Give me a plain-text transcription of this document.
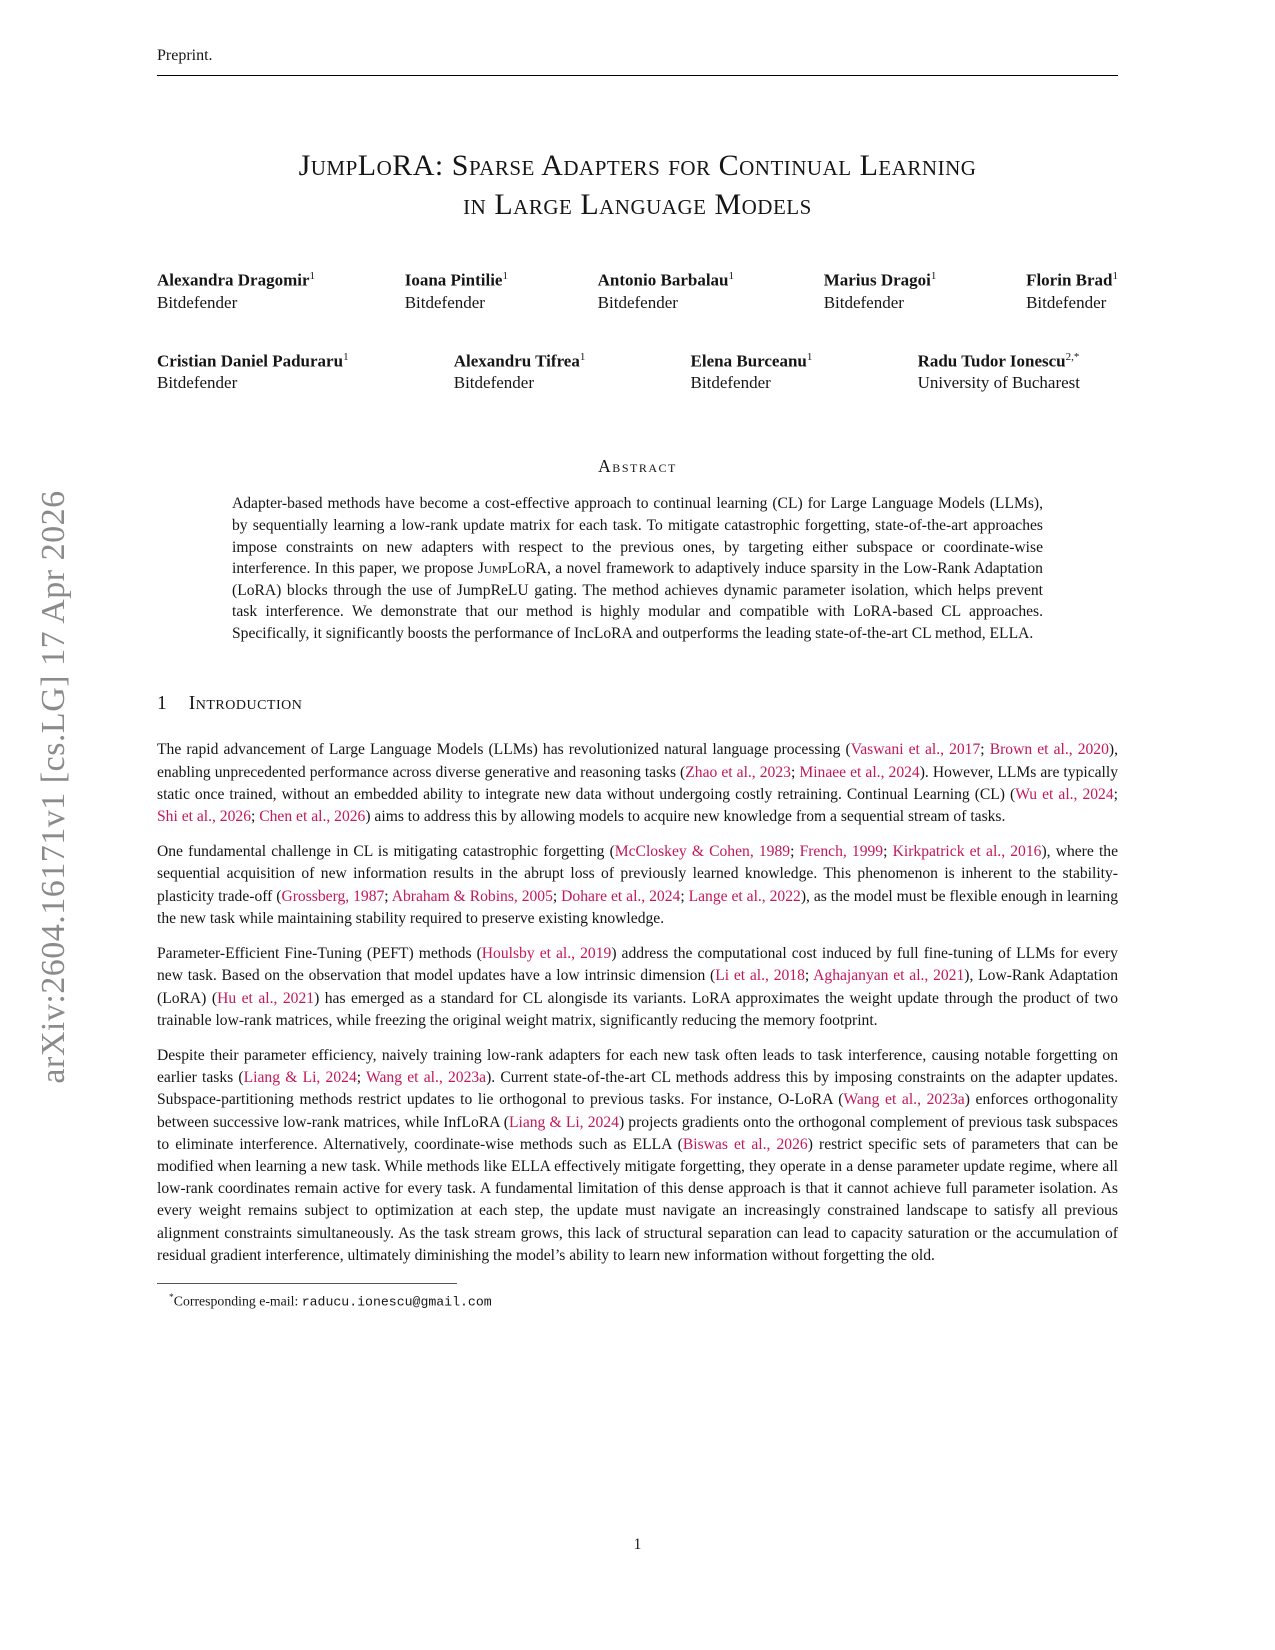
arXiv:2604.16171v1 [cs.LG] 17 Apr 2026
Preprint.
JumpLoRA: Sparse Adapters for Continual Learning
in Large Language Models
Alexandra Dragomir$^1$
Bitdefender
Ioana Pintilie$^1$
Bitdefender
Antonio Barbalau$^1$
Bitdefender
Marius Dragoi$^1$
Bitdefender
Florin Brad$^1$
Bitdefender
Cristian Daniel Paduraru$^1$
Bitdefender
Alexandru Tifrea$^1$
Bitdefender
Elena Burceanu$^1$
Bitdefender
Radu Tudor Ionescu$^{2,*}$
University of Bucharest
Abstract
Adapter-based methods have become a cost-effective approach to continual learning (CL) for Large Language Models (LLMs), by sequentially learning a low-rank update matrix for each task. To mitigate catastrophic forgetting, state-of-the-art approaches impose constraints on new adapters with respect to the previous ones, by targeting either subspace or coordinate-wise interference. In this paper, we propose JumpLoRA, a novel framework to adaptively induce sparsity in the Low-Rank Adaptation (LoRA) blocks through the use of JumpReLU gating. The method achieves dynamic parameter isolation, which helps prevent task interference. We demonstrate that our method is highly modular and compatible with LoRA-based CL approaches. Specifically, it significantly boosts the performance of IncLoRA and outperforms the leading state-of-the-art CL method, ELLA.
1 Introduction

The rapid advancement of Large Language Models (LLMs) has revolutionized natural language processing (Vaswani et al., 2017; Brown et al., 2020), enabling unprecedented performance across diverse generative and reasoning tasks (Zhao et al., 2023; Minaee et al., 2024). However, LLMs are typically static once trained, without an embedded ability to integrate new data without undergoing costly retraining. Continual Learning (CL) (Wu et al., 2024; Shi et al., 2026; Chen et al., 2026) aims to address this by allowing models to acquire new knowledge from a sequential stream of tasks.

One fundamental challenge in CL is mitigating catastrophic forgetting (McCloskey & Cohen, 1989; French, 1999; Kirkpatrick et al., 2016), where the sequential acquisition of new information results in the abrupt loss of previously learned knowledge. This phenomenon is inherent to the stability-plasticity trade-off (Grossberg, 1987; Abraham & Robins, 2005; Dohare et al., 2024; Lange et al., 2022), as the model must be flexible enough in learning the new task while maintaining stability required to preserve existing knowledge.

Parameter-Efficient Fine-Tuning (PEFT) methods (Houlsby et al., 2019) address the computational cost induced by full fine-tuning of LLMs for every new task. Based on the observation that model updates have a low intrinsic dimension (Li et al., 2018; Aghajanyan et al., 2021), Low-Rank Adaptation (LoRA) (Hu et al., 2021) has emerged as a standard for CL alongisde its variants. LoRA approximates the weight update through the product of two trainable low-rank matrices, while freezing the original weight matrix, significantly reducing the memory footprint.

Despite their parameter efficiency, naively training low-rank adapters for each new task often leads to task interference, causing notable forgetting on earlier tasks (Liang & Li, 2024; Wang et al., 2023a). Current state-of-the-art CL methods address this by imposing constraints on the adapter updates. Subspace-partitioning methods restrict updates to lie orthogonal to previous tasks. For instance, O-LoRA (Wang et al., 2023a) enforces orthogonality between successive low-rank matrices, while InfLoRA (Liang & Li, 2024) projects gradients onto the orthogonal complement of previous task subspaces to eliminate interference. Alternatively, coordinate-wise methods such as ELLA (Biswas et al., 2026) restrict specific sets of parameters that can be modified when learning a new task. While methods like ELLA effectively mitigate forgetting, they operate in a dense parameter update regime, where all low-rank coordinates remain active for every task. A fundamental limitation of this dense approach is that it cannot achieve full parameter isolation. As every weight remains subject to optimization at each step, the update must navigate an increasingly constrained landscape to satisfy all previous alignment constraints simultaneously. As the task stream grows, this lack of structural separation can lead to capacity saturation or the accumulation of residual gradient interference, ultimately diminishing the model’s ability to learn new information without forgetting the old.

*Corresponding e-mail: raducu.ionescu@gmail.com
1
